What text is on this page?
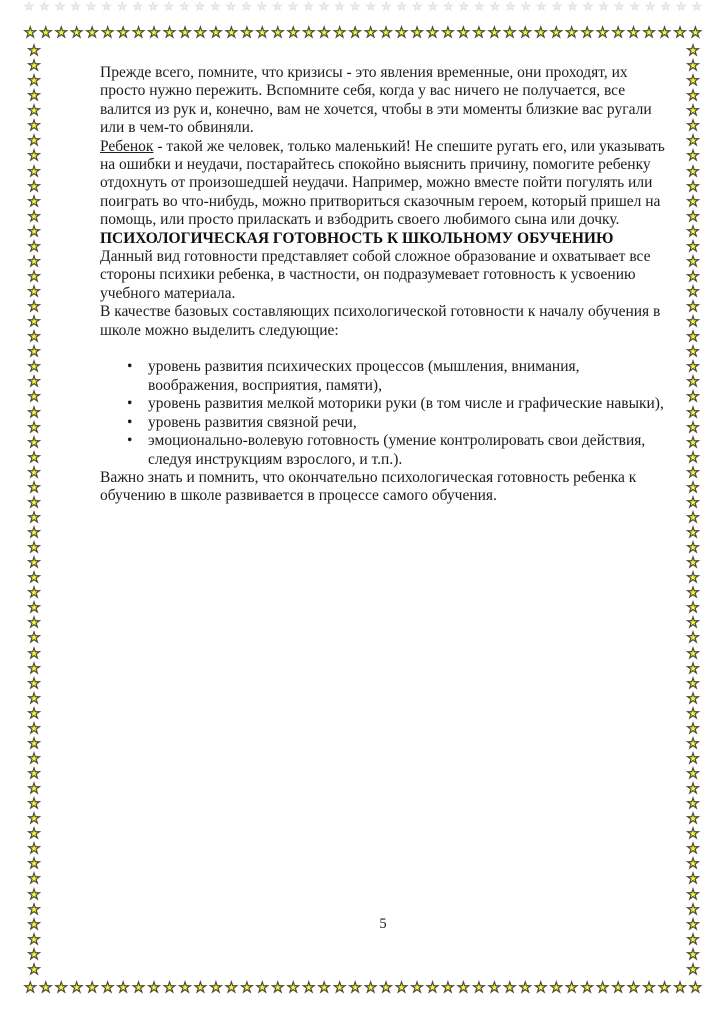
★ ★ ★ ★ ★ ★ ★ ★ ★ ★ ★ ★ ★ ★ ★ ★ ★ ★ ★ ★ ★ ★ ★ ★ ★ ★ ★ ★ ★ ★ ★ ★ ★ ★ ★ ★ ★ ★ ★ ★ ★ ★ ★ ★
★ ★ ★ ★ ★ ★ ★ ★ ★ ★ ★ ★ ★ ★ ★ ★ ★ ★ ★ ★ ★ ★ ★ ★ ★ ★ ★ ★ ★ ★ ★ ★ ★ ★ ★ ★ ★ ★ ★ ★ ★ ★ ★ ★
★
★
★
★
★
★
★
★
★
★
★
★
★
★
★
★
★
★
★
★
★
★
★
★
★
★
★
★
★
★
★
★
★
★
★
★
★
★
★
★
★
★
★
★
★
★
★
★
★
★
★
★
★
★
★
★
★
★
★
★
★
★
★
★
★
★
★
★
★
★
★
★
★
★
★
★
★
★
★
★
★
★
★
★
★
★
★
★
★
★
★
★
★
★
★
★
★
★
★
★
★
★
★
★
★
★
★
★
★
★
★
★
★
★
★
★
★
★
★
★
★
★
★
★
★ ★ ★ ★ ★ ★ ★ ★ ★ ★ ★ ★ ★ ★ ★ ★ ★ ★ ★ ★ ★ ★ ★ ★ ★ ★ ★ ★ ★ ★ ★ ★ ★ ★ ★ ★ ★ ★ ★ ★ ★ ★ ★ ★

Прежде всего, помните, что кризисы - это явления временные, они проходят, их просто нужно пережить. Вспомните себя, когда у вас ничего не получается, все валится из рук и, конечно, вам не хочется, чтобы в эти моменты близкие вас ругали или в чем-то обвиняли.

Ребенок - такой же человек, только маленький! Не спешите ругать его, или указывать на ошибки и неудачи, постарайтесь спокойно выяснить причину, помогите ребенку отдохнуть от произошедшей неудачи. Например, можно вместе пойти погулять или поиграть во что-нибудь, можно притвориться сказочным героем, который пришел на помощь, или просто приласкать и взбодрить своего любимого сына или дочку.

ПСИХОЛОГИЧЕСКАЯ ГОТОВНОСТЬ К ШКОЛЬНОМУ ОБУЧЕНИЮ

Данный вид готовности представляет собой сложное образование и охватывает все стороны психики ребенка, в частности, он подразумевает готовность к усвоению учебного материала.

В качестве базовых составляющих психологической готовности к началу обучения в школе можно выделить следующие:

• уровень развития психических процессов (мышления, внимания, воображения, восприятия, памяти),
• уровень развития мелкой моторики руки (в том числе и графические навыки),
• уровень развития связной речи,
• эмоционально-волевую готовность (умение контролировать свои действия, следуя инструкциям взрослого, и т.п.).

Важно знать и помнить, что окончательно психологическая готовность ребенка к обучению в школе развивается в процессе самого обучения.

5
